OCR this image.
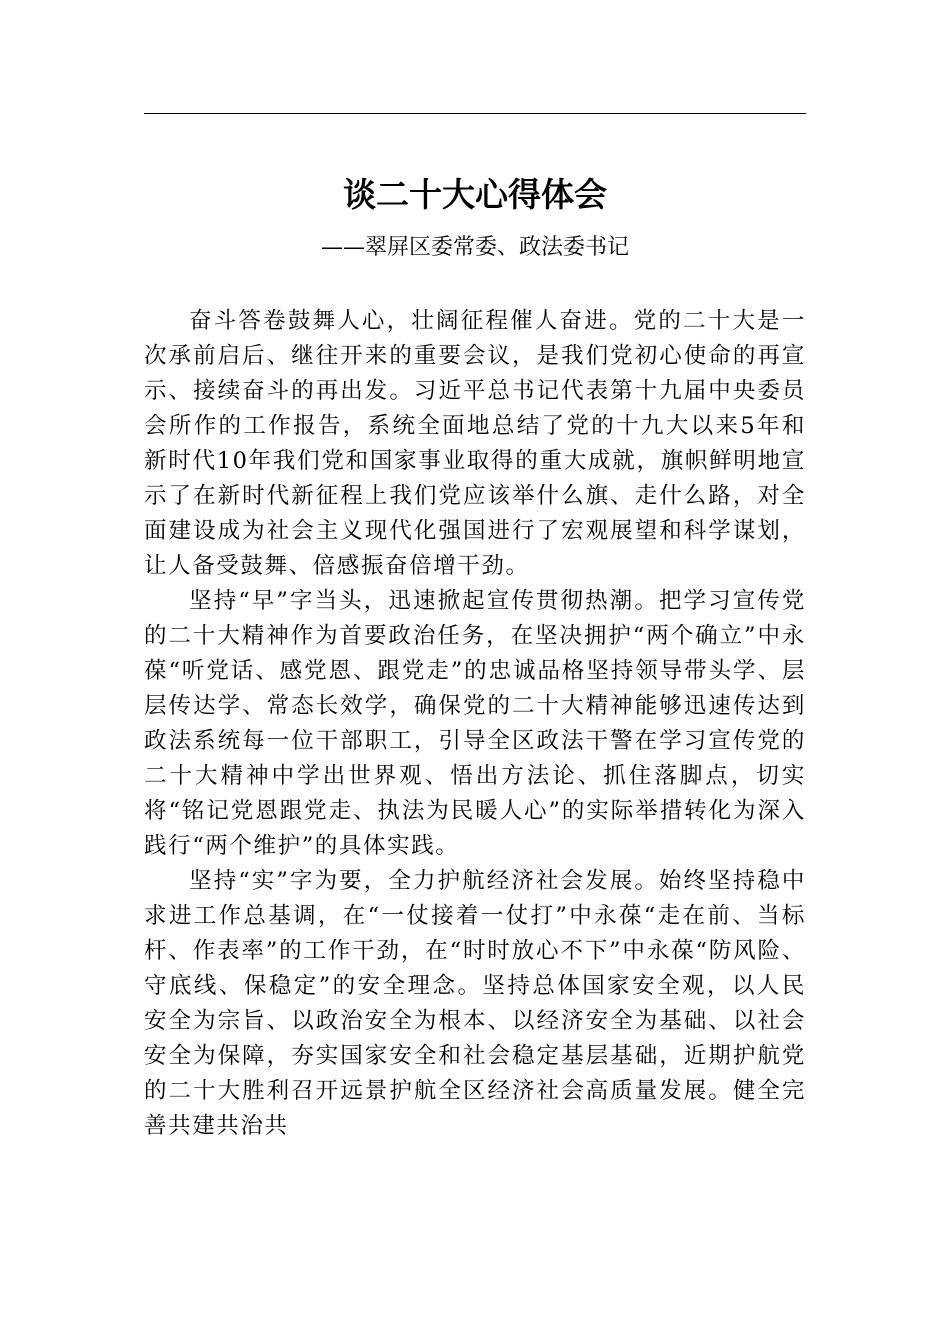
谈二十大心得体会
——翠屏区委常委、政法委书记

奋斗答卷鼓舞人心，壮阔征程催人奋进。党的二十大是一次承前启后、继往开来的重要会议，是我们党初心使命的再宣示、接续奋斗的再出发。习近平总书记代表第十九届中央委员会所作的工作报告，系统全面地总结了党的十九大以来5年和新时代10年我们党和国家事业取得的重大成就，旗帜鲜明地宣示了在新时代新征程上我们党应该举什么旗、走什么路，对全面建设成为社会主义现代化强国进行了宏观展望和科学谋划，让人备受鼓舞、倍感振奋倍增干劲。

坚持“早”字当头，迅速掀起宣传贯彻热潮。把学习宣传党的二十大精神作为首要政治任务，在坚决拥护“两个确立”中永葆“听党话、感党恩、跟党走”的忠诚品格坚持领导带头学、层层传达学、常态长效学，确保党的二十大精神能够迅速传达到政法系统每一位干部职工，引导全区政法干警在学习宣传党的二十大精神中学出世界观、悟出方法论、抓住落脚点，切实将“铭记党恩跟党走、执法为民暖人心”的实际举措转化为深入践行“两个维护”的具体实践。

坚持“实”字为要，全力护航经济社会发展。始终坚持稳中求进工作总基调，在“一仗接着一仗打”中永葆“走在前、当标杆、作表率”的工作干劲，在“时时放心不下”中永葆“防风险、守底线、保稳定”的安全理念。坚持总体国家安全观，以人民安全为宗旨、以政治安全为根本、以经济安全为基础、以社会安全为保障，夯实国家安全和社会稳定基层基础，近期护航党的二十大胜利召开远景护航全区经济社会高质量发展。健全完善共建共治共
